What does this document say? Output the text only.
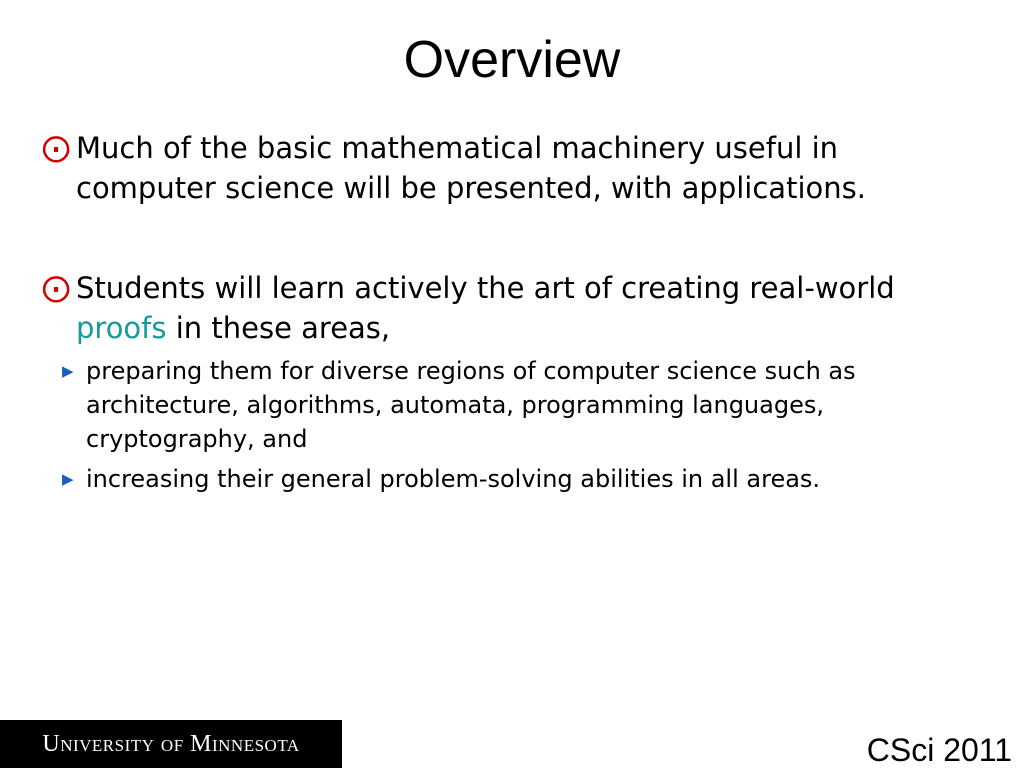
Overview
⨀ Much of the basic mathematical machinery useful in computer science will be presented, with applications.
⨀ Students will learn actively the art of creating real-world proofs in these areas,
▶ preparing them for diverse regions of computer science such as architecture, algorithms, automata, programming languages, cryptography, and
▶ increasing their general problem-solving abilities in all areas.
University of Minnesota	CSci 2011
